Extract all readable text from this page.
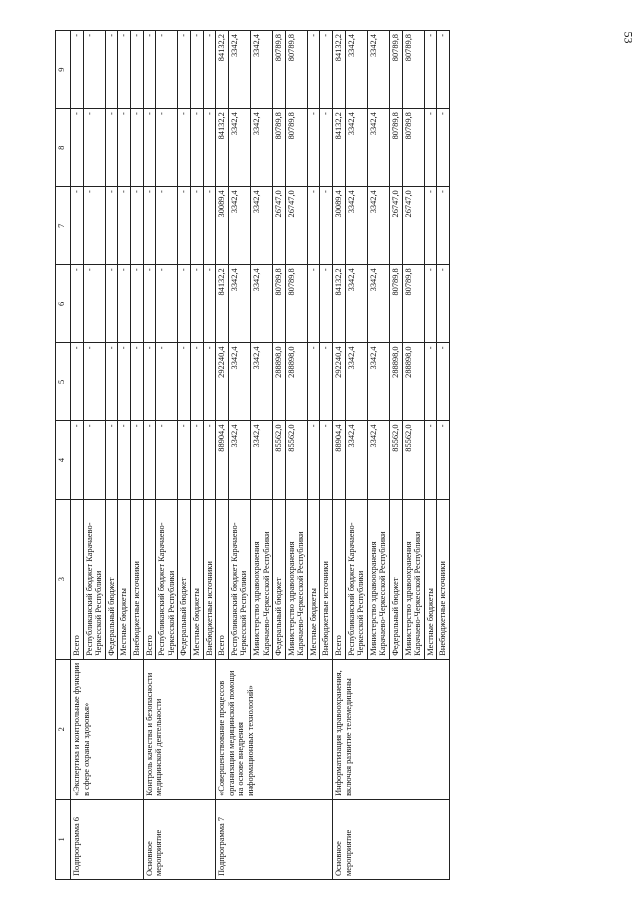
53
1	2	3	4	5	6	7	8	9
Подпрограмма 6	«Экспертиза и контрольные функции в сфере охраны здоровья»	Всего	-	-	-	-	-	-
		Республиканский бюджет Карачаево-Черкесской Республики	-	-	-	-	-	-
		Федеральный бюджет	-	-	-	-	-	-
		Местные бюджеты	-	-	-	-	-	-
		Внебюджетные источники	-	-	-	-	-	-
Основное мероприятие	Контроль качества и безопасности медицинской деятельности	Всего	-	-	-	-	-	-
		Республиканский бюджет Карачаево-Черкесской Республики	-	-	-	-	-	-
		Федеральный бюджет	-	-	-	-	-	-
		Местные бюджеты	-	-	-	-	-	-
		Внебюджетные источники	-	-	-	-	-	-
Подпрограмма 7	«Совершенствование процессов организации медицинской помощи на основе внедрения информационных технологий»	Всего	88904,4	292240,4	84132,2	30089,4	84132,2	84132,2
		Республиканский бюджет Карачаево-Черкесской Республики	3342,4	3342,4	3342,4	3342,4	3342,4	3342,4
		Министерство здравоохранения Карачаево-Черкесской Республики	3342,4	3342,4	3342,4	3342,4	3342,4	3342,4
		Федеральный бюджет	85562,0	288898,0	80789,8	26747,0	80789,8	80789,8
		Министерство здравоохранения Карачаево-Черкесской Республики	85562,0	288898,0	80789,8	26747,0	80789,8	80789,8
		Местные бюджеты	-	-	-	-	-	-
		Внебюджетные источники	-	-	-	-	-	-
Основное мероприятие	Информатизация здравоохранения, включая развитие телемедицины	Всего	88904,4	292240,4	84132,2	30089,4	84132,2	84132,2
		Республиканский бюджет Карачаево-Черкесской Республики	3342,4	3342,4	3342,4	3342,4	3342,4	3342,4
		Министерство здравоохранения Карачаево-Черкесской Республики	3342,4	3342,4	3342,4	3342,4	3342,4	3342,4
		Федеральный бюджет	85562,0	288898,0	80789,8	26747,0	80789,8	80789,8
		Министерство здравоохранения Карачаево-Черкесской Республики	85562,0	288898,0	80789,8	26747,0	80789,8	80789,8
		Местные бюджеты	-	-	-	-	-	-
		Внебюджетные источники	-	-	-	-	-	-
